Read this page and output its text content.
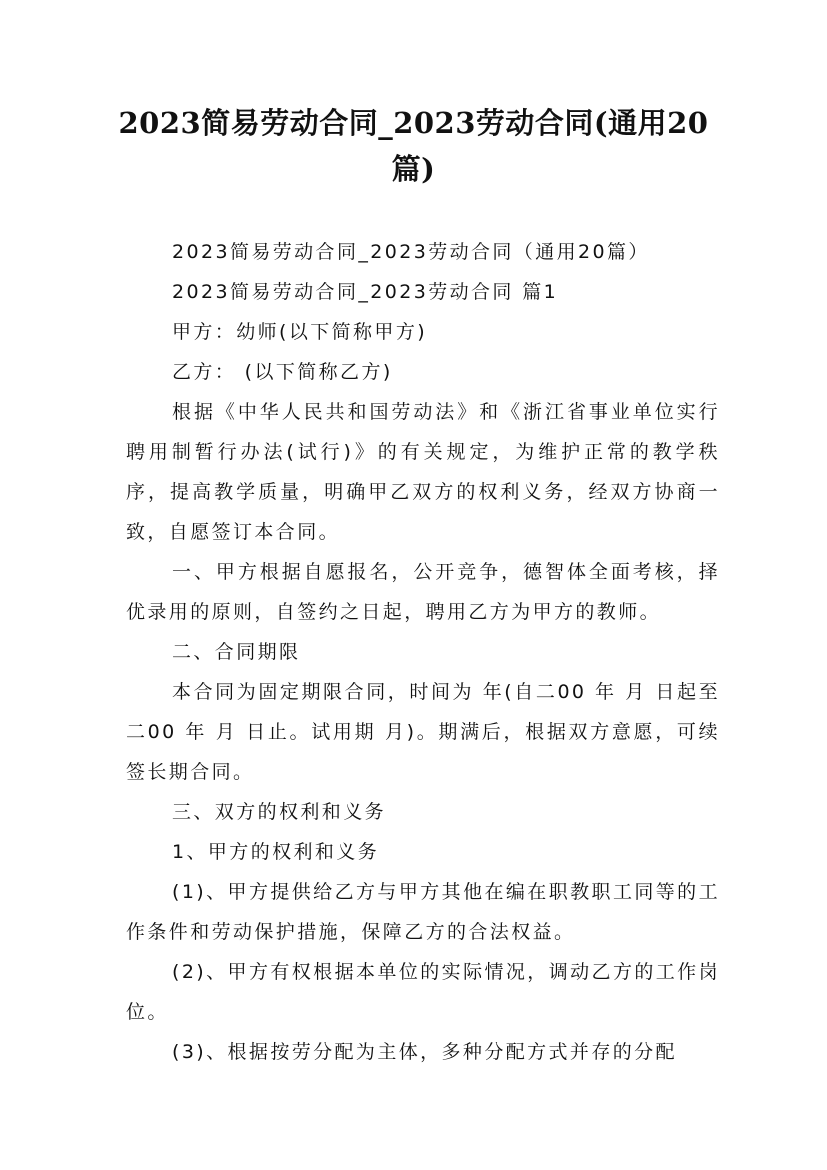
2023简易劳动合同_2023劳动合同(通用20篇)

2023简易劳动合同_2023劳动合同（通用20篇）

2023简易劳动合同_2023劳动合同 篇1

甲方：幼师(以下简称甲方)

乙方： (以下简称乙方)

根据《中华人民共和国劳动法》和《浙江省事业单位实行聘用制暂行办法(试行)》的有关规定，为维护正常的教学秩序，提高教学质量，明确甲乙双方的权利义务，经双方协商一致，自愿签订本合同。

一、甲方根据自愿报名，公开竞争，德智体全面考核，择优录用的原则，自签约之日起，聘用乙方为甲方的教师。

二、合同期限

本合同为固定期限合同，时间为 年(自二00 年 月 日起至二00 年 月 日止。试用期 月)。期满后，根据双方意愿，可续签长期合同。

三、双方的权利和义务

1、甲方的权利和义务

(1)、甲方提供给乙方与甲方其他在编在职教职工同等的工作条件和劳动保护措施，保障乙方的合法权益。

(2)、甲方有权根据本单位的实际情况，调动乙方的工作岗位。

(3)、根据按劳分配为主体，多种分配方式并存的分配
